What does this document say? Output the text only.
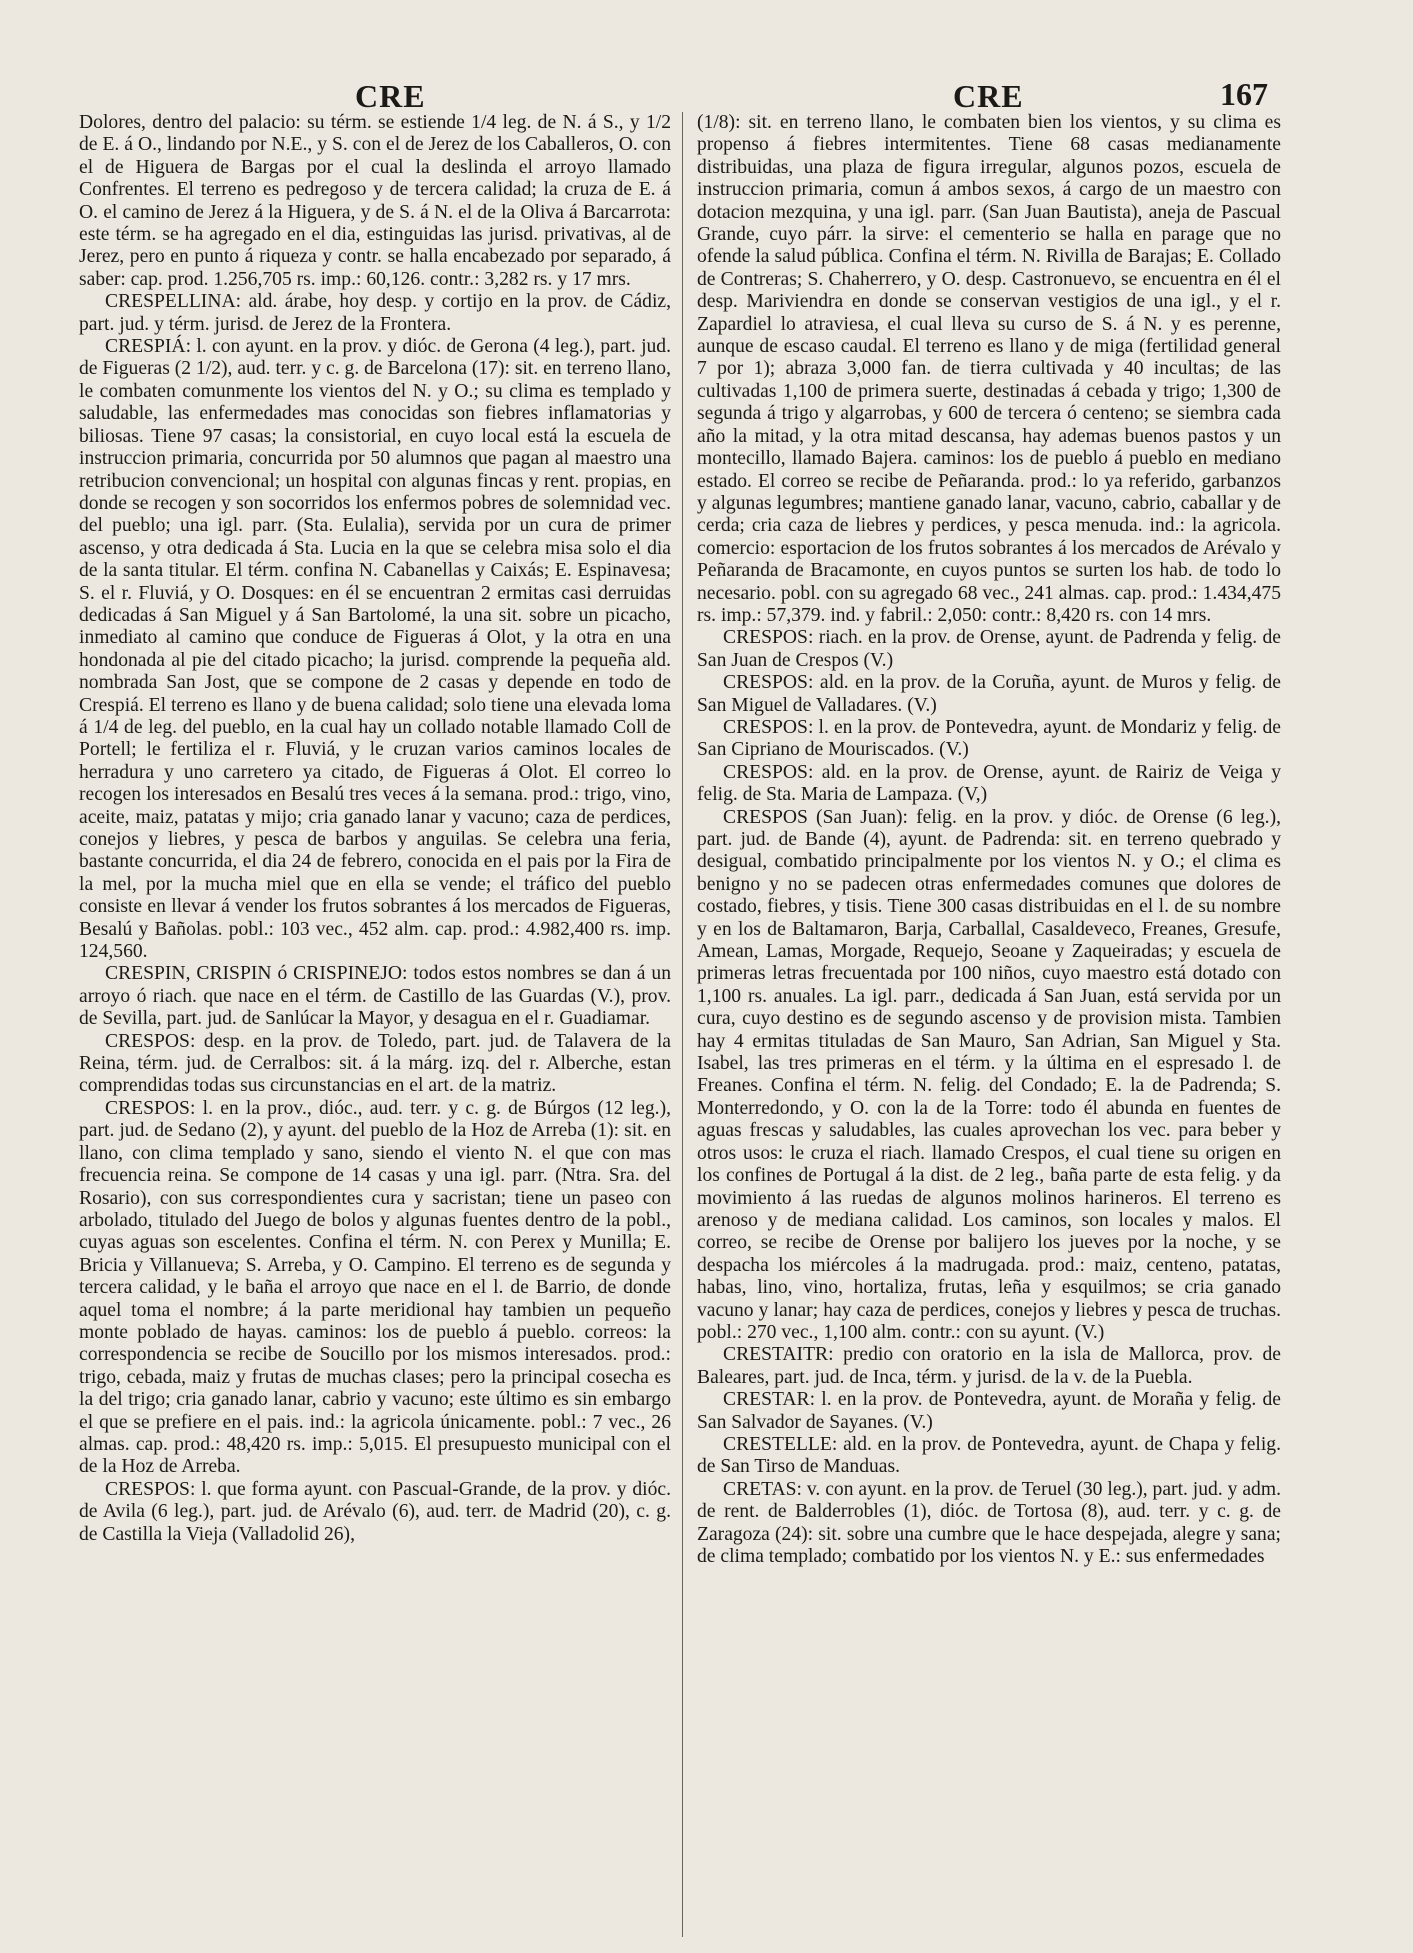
CRE	CRE	167

Dolores, dentro del palacio: su térm. se estiende 1/4 leg. de N. á S., y 1/2 de E. á O., lindando por N.E., y S. con el de Jerez de los Caballeros, O. con el de Higuera de Bargas por el cual la deslinda el arroyo llamado Confrentes. El terreno es pedregoso y de tercera calidad; la cruza de E. á O. el camino de Jerez á la Higuera, y de S. á N. el de la Oliva á Barcarrota: este térm. se ha agregado en el dia, estinguidas las jurisd. privativas, al de Jerez, pero en punto á riqueza y contr. se halla encabezado por separado, á saber: cap. prod. 1.256,705 rs. imp.: 60,126. contr.: 3,282 rs. y 17 mrs.

CRESPELLINA: ald. árabe, hoy desp. y cortijo en la prov. de Cádiz, part. jud. y térm. jurisd. de Jerez de la Frontera.

CRESPIÁ: l. con ayunt. en la prov. y dióc. de Gerona (4 leg.), part. jud. de Figueras (2 1/2), aud. terr. y c. g. de Barcelona (17): sit. en terreno llano, le combaten comunmente los vientos del N. y O.; su clima es templado y saludable, las enfermedades mas conocidas son fiebres inflamatorias y biliosas. Tiene 97 casas; la consistorial, en cuyo local está la escuela de instruccion primaria, concurrida por 50 alumnos que pagan al maestro una retribucion convencional; un hospital con algunas fincas y rent. propias, en donde se recogen y son socorridos los enfermos pobres de solemnidad vec. del pueblo; una igl. parr. (Sta. Eulalia), servida por un cura de primer ascenso, y otra dedicada á Sta. Lucia en la que se celebra misa solo el dia de la santa titular. El térm. confina N. Cabanellas y Caixás; E. Espinavesa; S. el r. Fluviá, y O. Dosques: en él se encuentran 2 ermitas casi derruidas dedicadas á San Miguel y á San Bartolomé, la una sit. sobre un picacho, inmediato al camino que conduce de Figueras á Olot, y la otra en una hondonada al pie del citado picacho; la jurisd. comprende la pequeña ald. nombrada San Jost, que se compone de 2 casas y depende en todo de Crespiá. El terreno es llano y de buena calidad; solo tiene una elevada loma á 1/4 de leg. del pueblo, en la cual hay un collado notable llamado Coll de Portell; le fertiliza el r. Fluviá, y le cruzan varios caminos locales de herradura y uno carretero ya citado, de Figueras á Olot. El correo lo recogen los interesados en Besalú tres veces á la semana. prod.: trigo, vino, aceite, maiz, patatas y mijo; cria ganado lanar y vacuno; caza de perdices, conejos y liebres, y pesca de barbos y anguilas. Se celebra una feria, bastante concurrida, el dia 24 de febrero, conocida en el pais por la Fira de la mel, por la mucha miel que en ella se vende; el tráfico del pueblo consiste en llevar á vender los frutos sobrantes á los mercados de Figueras, Besalú y Bañolas. pobl.: 103 vec., 452 alm. cap. prod.: 4.982,400 rs. imp. 124,560.

CRESPIN, CRISPIN ó CRISPINEJO: todos estos nombres se dan á un arroyo ó riach. que nace en el térm. de Castillo de las Guardas (V.), prov. de Sevilla, part. jud. de Sanlúcar la Mayor, y desagua en el r. Guadiamar.

CRESPOS: desp. en la prov. de Toledo, part. jud. de Talavera de la Reina, térm. jud. de Cerralbos: sit. á la márg. izq. del r. Alberche, estan comprendidas todas sus circunstancias en el art. de la matriz.

CRESPOS: l. en la prov., dióc., aud. terr. y c. g. de Búrgos (12 leg.), part. jud. de Sedano (2), y ayunt. del pueblo de la Hoz de Arreba (1): sit. en llano, con clima templado y sano, siendo el viento N. el que con mas frecuencia reina. Se compone de 14 casas y una igl. parr. (Ntra. Sra. del Rosario), con sus correspondientes cura y sacristan; tiene un paseo con arbolado, titulado del Juego de bolos y algunas fuentes dentro de la pobl., cuyas aguas son escelentes. Confina el térm. N. con Perex y Munilla; E. Bricia y Villanueva; S. Arreba, y O. Campino. El terreno es de segunda y tercera calidad, y le baña el arroyo que nace en el l. de Barrio, de donde aquel toma el nombre; á la parte meridional hay tambien un pequeño monte poblado de hayas. caminos: los de pueblo á pueblo. correos: la correspondencia se recibe de Soucillo por los mismos interesados. prod.: trigo, cebada, maiz y frutas de muchas clases; pero la principal cosecha es la del trigo; cria ganado lanar, cabrio y vacuno; este último es sin embargo el que se prefiere en el pais. ind.: la agricola únicamente. pobl.: 7 vec., 26 almas. cap. prod.: 48,420 rs. imp.: 5,015. El presupuesto municipal con el de la Hoz de Arreba.

CRESPOS: l. que forma ayunt. con Pascual-Grande, de la prov. y dióc. de Avila (6 leg.), part. jud. de Arévalo (6), aud. terr. de Madrid (20), c. g. de Castilla la Vieja (Valladolid 26),

(1/8): sit. en terreno llano, le combaten bien los vientos, y su clima es propenso á fiebres intermitentes. Tiene 68 casas medianamente distribuidas, una plaza de figura irregular, algunos pozos, escuela de instruccion primaria, comun á ambos sexos, á cargo de un maestro con dotacion mezquina, y una igl. parr. (San Juan Bautista), aneja de Pascual Grande, cuyo párr. la sirve: el cementerio se halla en parage que no ofende la salud pública. Confina el térm. N. Rivilla de Barajas; E. Collado de Contreras; S. Chaherrero, y O. desp. Castronuevo, se encuentra en él el desp. Mariviendra en donde se conservan vestigios de una igl., y el r. Zapardiel lo atraviesa, el cual lleva su curso de S. á N. y es perenne, aunque de escaso caudal. El terreno es llano y de miga (fertilidad general 7 por 1); abraza 3,000 fan. de tierra cultivada y 40 incultas; de las cultivadas 1,100 de primera suerte, destinadas á cebada y trigo; 1,300 de segunda á trigo y algarrobas, y 600 de tercera ó centeno; se siembra cada año la mitad, y la otra mitad descansa, hay ademas buenos pastos y un montecillo, llamado Bajera. caminos: los de pueblo á pueblo en mediano estado. El correo se recibe de Peñaranda. prod.: lo ya referido, garbanzos y algunas legumbres; mantiene ganado lanar, vacuno, cabrio, caballar y de cerda; cria caza de liebres y perdices, y pesca menuda. ind.: la agricola. comercio: esportacion de los frutos sobrantes á los mercados de Arévalo y Peñaranda de Bracamonte, en cuyos puntos se surten los hab. de todo lo necesario. pobl. con su agregado 68 vec., 241 almas. cap. prod.: 1.434,475 rs. imp.: 57,379. ind. y fabril.: 2,050: contr.: 8,420 rs. con 14 mrs.

CRESPOS: riach. en la prov. de Orense, ayunt. de Padrenda y felig. de San Juan de Crespos (V.)

CRESPOS: ald. en la prov. de la Coruña, ayunt. de Muros y felig. de San Miguel de Valladares. (V.)

CRESPOS: l. en la prov. de Pontevedra, ayunt. de Mondariz y felig. de San Cipriano de Mouriscados. (V.)

CRESPOS: ald. en la prov. de Orense, ayunt. de Rairiz de Veiga y felig. de Sta. Maria de Lampaza. (V,)

CRESPOS (San Juan): felig. en la prov. y dióc. de Orense (6 leg.), part. jud. de Bande (4), ayunt. de Padrenda: sit. en terreno quebrado y desigual, combatido principalmente por los vientos N. y O.; el clima es benigno y no se padecen otras enfermedades comunes que dolores de costado, fiebres, y tisis. Tiene 300 casas distribuidas en el l. de su nombre y en los de Baltamaron, Barja, Carballal, Casaldeveco, Freanes, Gresufe, Amean, Lamas, Morgade, Requejo, Seoane y Zaqueiradas; y escuela de primeras letras frecuentada por 100 niños, cuyo maestro está dotado con 1,100 rs. anuales. La igl. parr., dedicada á San Juan, está servida por un cura, cuyo destino es de segundo ascenso y de provision mista. Tambien hay 4 ermitas tituladas de San Mauro, San Adrian, San Miguel y Sta. Isabel, las tres primeras en el térm. y la última en el espresado l. de Freanes. Confina el térm. N. felig. del Condado; E. la de Padrenda; S. Monterredondo, y O. con la de la Torre: todo él abunda en fuentes de aguas frescas y saludables, las cuales aprovechan los vec. para beber y otros usos: le cruza el riach. llamado Crespos, el cual tiene su origen en los confines de Portugal á la dist. de 2 leg., baña parte de esta felig. y da movimiento á las ruedas de algunos molinos harineros. El terreno es arenoso y de mediana calidad. Los caminos, son locales y malos. El correo, se recibe de Orense por balijero los jueves por la noche, y se despacha los miércoles á la madrugada. prod.: maiz, centeno, patatas, habas, lino, vino, hortaliza, frutas, leña y esquilmos; se cria ganado vacuno y lanar; hay caza de perdices, conejos y liebres y pesca de truchas. pobl.: 270 vec., 1,100 alm. contr.: con su ayunt. (V.)

CRESTAITR: predio con oratorio en la isla de Mallorca, prov. de Baleares, part. jud. de Inca, térm. y jurisd. de la v. de la Puebla.

CRESTAR: l. en la prov. de Pontevedra, ayunt. de Moraña y felig. de San Salvador de Sayanes. (V.)

CRESTELLE: ald. en la prov. de Pontevedra, ayunt. de Chapa y felig. de San Tirso de Manduas.

CRETAS: v. con ayunt. en la prov. de Teruel (30 leg.), part. jud. y adm. de rent. de Balderrobles (1), dióc. de Tortosa (8), aud. terr. y c. g. de Zaragoza (24): sit. sobre una cumbre que le hace despejada, alegre y sana; de clima templado; combatido por los vientos N. y E.: sus enfermedades
